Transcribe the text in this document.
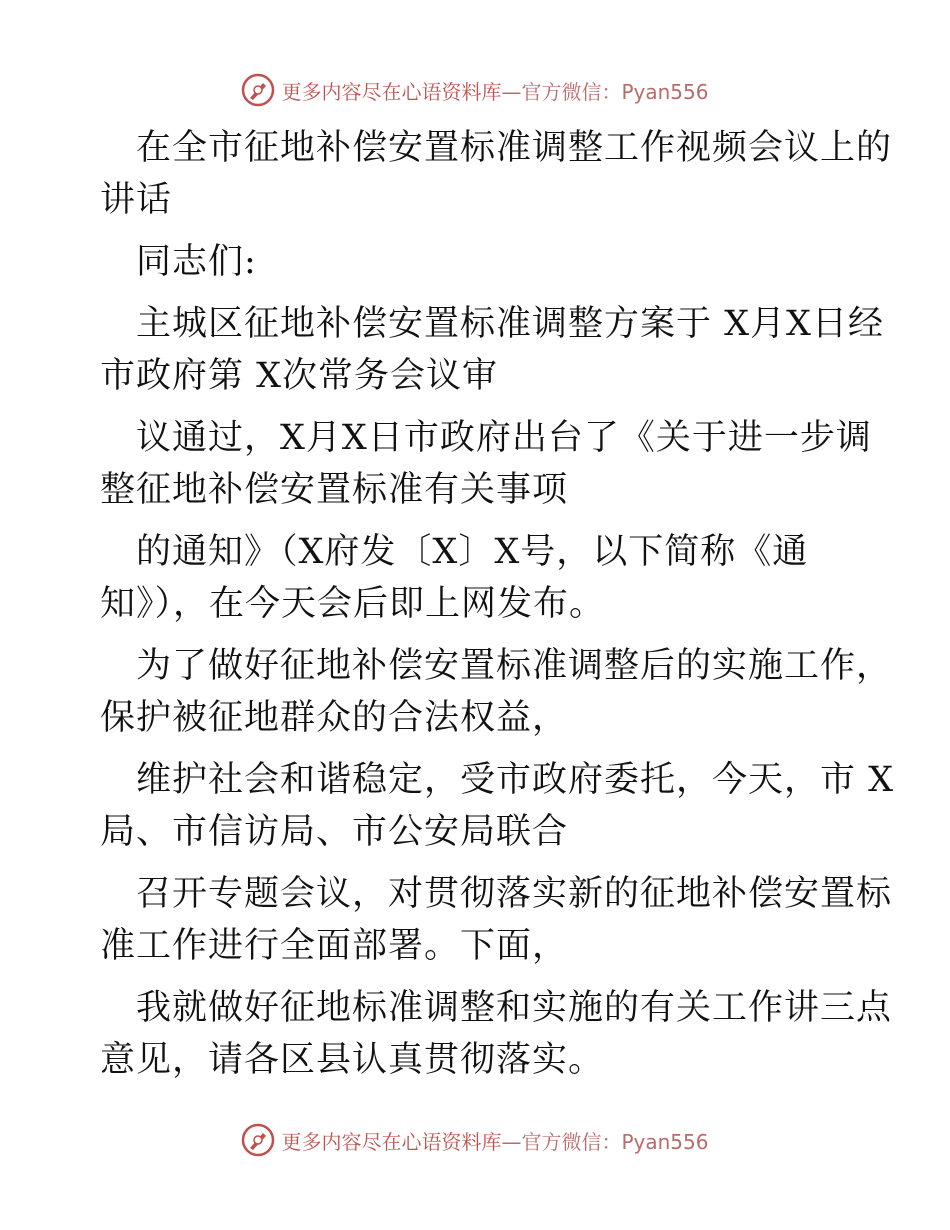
更多内容尽在心语资料库—官方微信：Pyan556

在全市征地补偿安置标准调整工作视频会议上的
讲话

同志们:

主城区征地补偿安置标准调整方案于 X月X日经
市政府第 X次常务会议审

议通过，X月X日市政府出台了《关于进一步调
整征地补偿安置标准有关事项

的通知》（X府发〔X〕X号，以下简称《通
知》），在今天会后即上网发布。

为了做好征地补偿安置标准调整后的实施工作，
保护被征地群众的合法权益，

维护社会和谐稳定，受市政府委托，今天，市 X
局、市信访局、市公安局联合

召开专题会议，对贯彻落实新的征地补偿安置标
准工作进行全面部署。下面，

我就做好征地标准调整和实施的有关工作讲三点
意见，请各区县认真贯彻落实。

更多内容尽在心语资料库—官方微信：Pyan556
